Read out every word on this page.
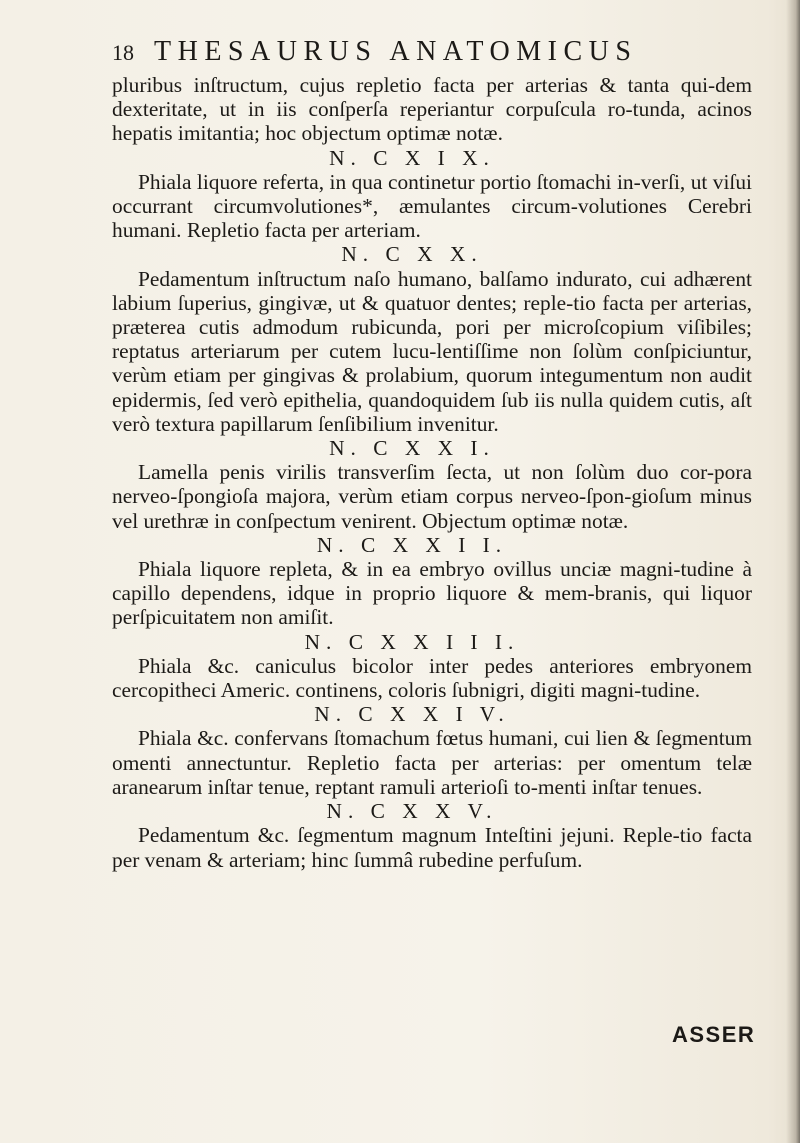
18 THESAURUS ANATOMICUS

pluribus inſtructum, cujus repletio facta per arterias & tanta qui-dem dexteritate, ut in iis conſperſa reperiantur corpuſcula ro-tunda, acinos hepatis imitantia; hoc objectum optimæ notæ.

N. C X I X.

Phiala liquore referta, in qua continetur portio ſtomachi in-verſi, ut viſui occurrant circumvolutiones*, æmulantes circum-volutiones Cerebri humani. Repletio facta per arteriam.

N. C X X.

Pedamentum inſtructum naſo humano, balſamo indurato, cui adhærent labium ſuperius, gingivæ, ut & quatuor dentes; reple-tio facta per arterias, præterea cutis admodum rubicunda, pori per microſcopium viſibiles; reptatus arteriarum per cutem lucu-lentiſſime non ſolùm conſpiciuntur, verùm etiam per gingivas & prolabium, quorum integumentum non audit epidermis, ſed verò epithelia, quandoquidem ſub iis nulla quidem cutis, aſt verò textura papillarum ſenſibilium invenitur.

N. C X X I.

Lamella penis virilis transverſim ſecta, ut non ſolùm duo cor-pora nerveo-ſpongioſa majora, verùm etiam corpus nerveo-ſpon-gioſum minus vel urethræ in conſpectum venirent. Objectum optimæ notæ.

N. C X X I I.

Phiala liquore repleta, & in ea embryo ovillus unciæ magni-tudine à capillo dependens, idque in proprio liquore & mem-branis, qui liquor perſpicuitatem non amiſit.

N. C X X I I I.

Phiala &c. caniculus bicolor inter pedes anteriores embryonem cercopitheci Americ. continens, coloris ſubnigri, digiti magni-tudine.

N. C X X I V.

Phiala &c. confervans ſtomachum fœtus humani, cui lien & ſegmentum omenti annectuntur. Repletio facta per arterias: per omentum telæ aranearum inſtar tenue, reptant ramuli arterioſi to-menti inſtar tenues.

N. C X X V.

Pedamentum &c. ſegmentum magnum Inteſtini jejuni. Reple-tio facta per venam & arteriam; hinc ſummâ rubedine perfuſum.

ASSER
